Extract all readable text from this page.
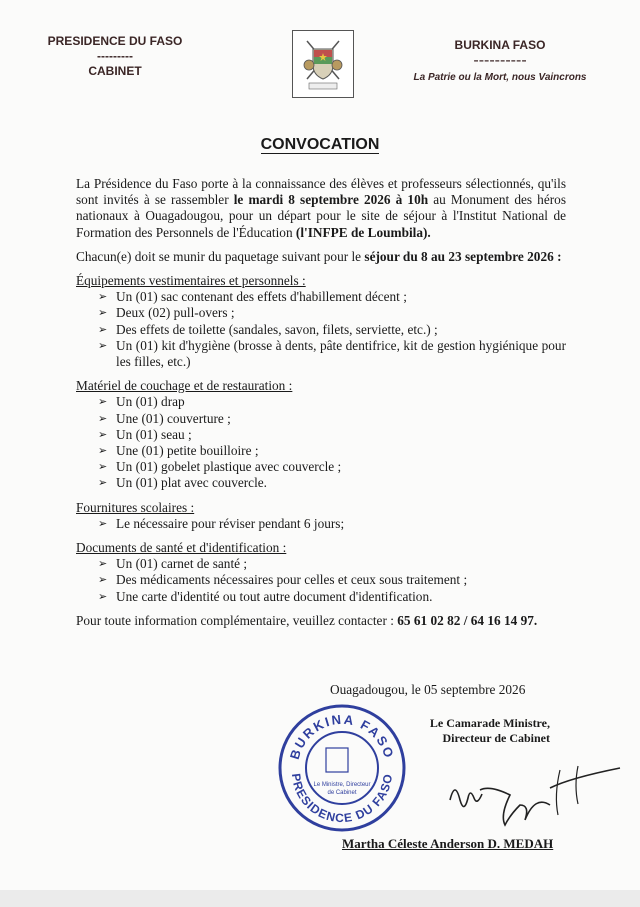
PRESIDENCE DU FASO
---------
CABINET
BURKINA FASO
----------
La Patrie ou la Mort, nous Vaincrons
CONVOCATION

La Présidence du Faso porte à la connaissance des élèves et professeurs sélectionnés, qu'ils sont invités à se rassembler le mardi 8 septembre 2026 à 10h au Monument des héros nationaux à Ouagadougou, pour un départ pour le site de séjour à l'Institut National de Formation des Personnels de l'Éducation (l'INFPE de Loumbila).

Chacun(e) doit se munir du paquetage suivant pour le séjour du 8 au 23 septembre 2026 :

Équipements vestimentaires et personnels :

➢ Un (01) sac contenant des effets d'habillement décent ;
➢ Deux (02) pull-overs ;
➢ Des effets de toilette (sandales, savon, filets, serviette, etc.) ;
➢ Un (01) kit d'hygiène (brosse à dents, pâte dentifrice, kit de gestion hygiénique pour les filles, etc.)

Matériel de couchage et de restauration :

➢ Un (01) drap
➢ Une (01) couverture ;
➢ Un (01) seau ;
➢ Une (01) petite bouilloire ;
➢ Un (01) gobelet plastique avec couvercle ;
➢ Un (01) plat avec couvercle.

Fournitures scolaires :

➢ Le nécessaire pour réviser pendant 6 jours;

Documents de santé et d'identification :

➢ Un (01) carnet de santé ;
➢ Des médicaments nécessaires pour celles et ceux sous traitement ;
➢ Une carte d'identité ou tout autre document d'identification.

Pour toute information complémentaire, veuillez contacter : 65 61 02 82 / 64 16 14 97.

Ouagadougou, le 05 septembre 2026
Le Camarade Ministre,
Directeur de Cabinet
BURKINA FASO
PRESIDENCE DU FASO
Le Ministre, Directeur
de Cabinet
Martha Céleste Anderson D. MEDAH
